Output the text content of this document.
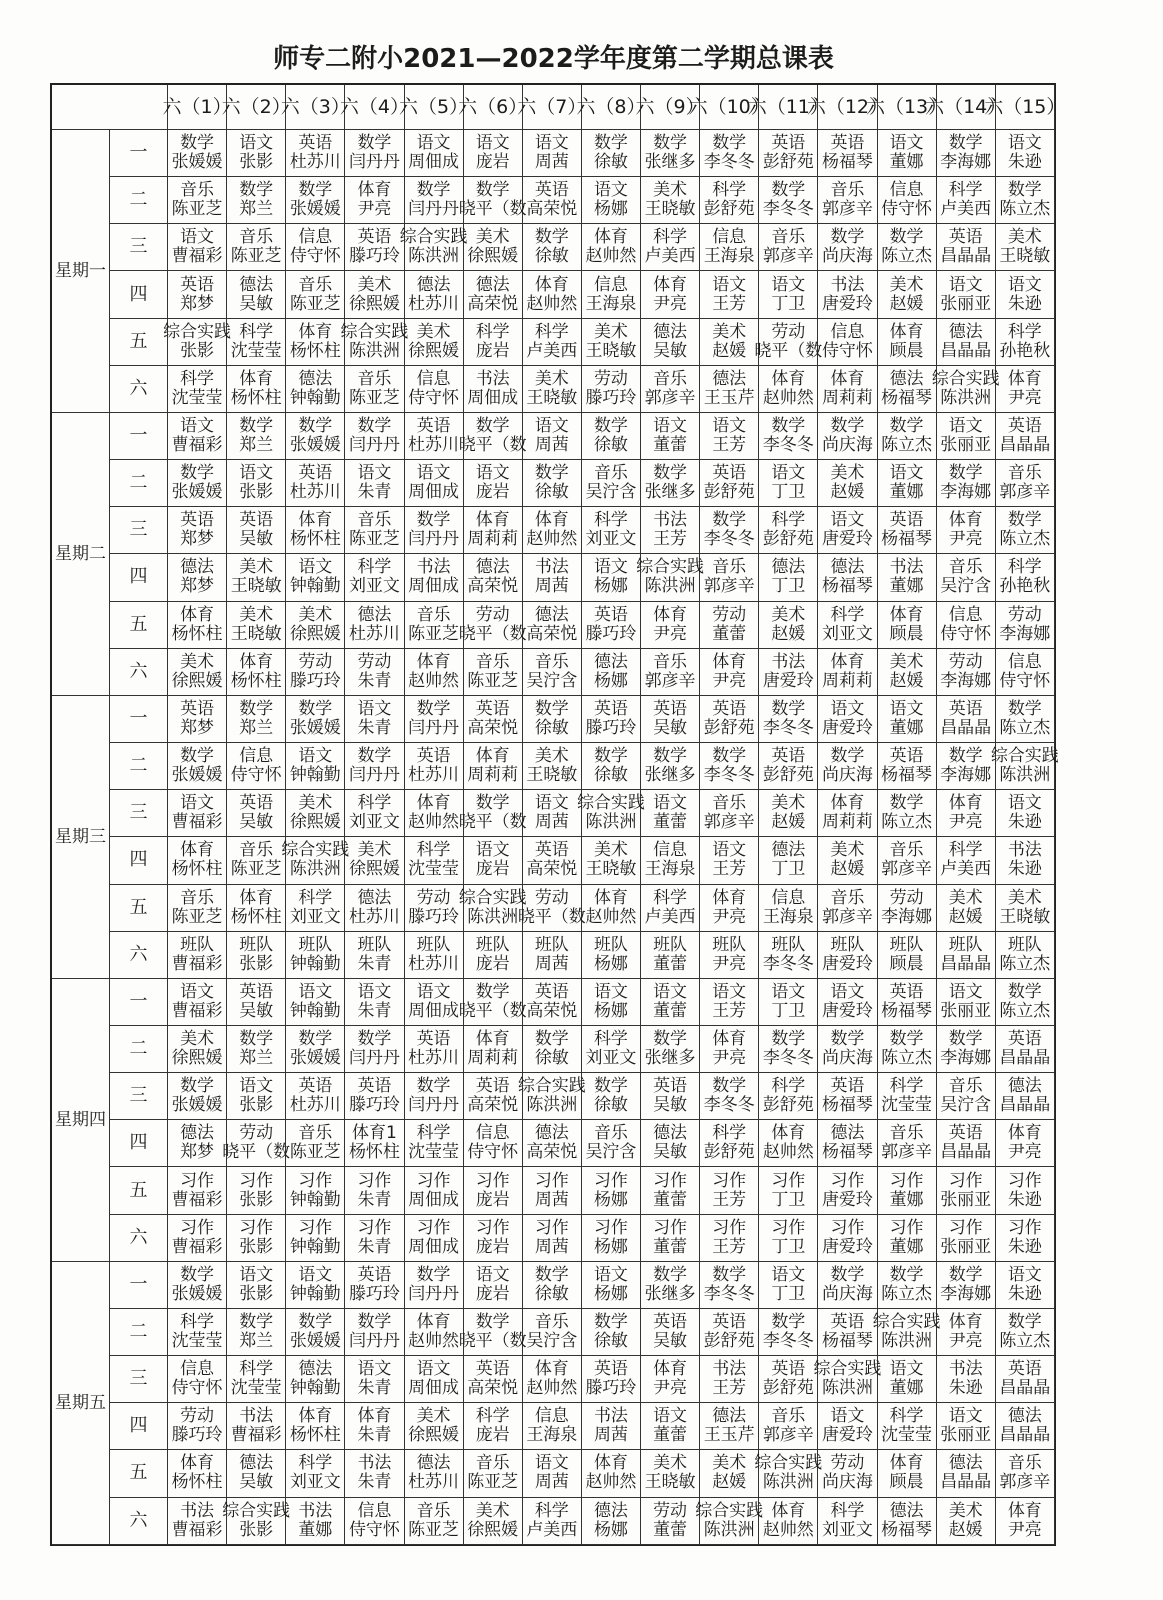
师专二附小2021—2022学年度第二学期总课表
六（1）
六（2）
六（3）
六（4）
六（5）
六（6）
六（7）
六（8）
六（9）
六（10）
六（11）
六（12）
六（13）
六（14）
六（15）
星期一
一 数学
张媛媛
语文
张影
英语
杜苏川
数学
闫丹丹
语文
周佃成
语文
庞岩
语文
周茜
数学
徐敏
数学
张继多
数学
李冬冬
英语
彭舒苑
英语
杨福琴
语文
董娜
数学
李海娜
语文
朱逊
二 音乐
陈亚芝
数学
郑兰
数学
张媛媛
体育
尹亮
数学
闫丹丹
数学
晓平（数
英语
高荣悦
语文
杨娜
美术
王晓敏
科学
彭舒苑
数学
李冬冬
音乐
郭彦辛
信息
侍守怀
科学
卢美西
数学
陈立杰
三 语文
曹福彩
音乐
陈亚芝
信息
侍守怀
英语
滕巧玲
综合实践
陈洪洲
美术
徐熙媛
数学
徐敏
体育
赵帅然
科学
卢美西
信息
王海泉
音乐
郭彦辛
数学
尚庆海
数学
陈立杰
英语
昌晶晶
美术
王晓敏
四 英语
郑梦
德法
吴敏
音乐
陈亚芝
美术
徐熙媛
德法
杜苏川
德法
高荣悦
体育
赵帅然
信息
王海泉
体育
尹亮
语文
王芳
语文
丁卫
书法
唐爱玲
美术
赵媛
语文
张丽亚
语文
朱逊
五 综合实践
张影
科学
沈莹莹
体育
杨怀柱
综合实践
陈洪洲
美术
徐熙媛
科学
庞岩
科学
卢美西
美术
王晓敏
德法
吴敏
美术
赵媛
劳动
晓平（数
信息
侍守怀
体育
顾晨
德法
昌晶晶
科学
孙艳秋
六 科学
沈莹莹
体育
杨怀柱
德法
钟翰勤
音乐
陈亚芝
信息
侍守怀
书法
周佃成
美术
王晓敏
劳动
滕巧玲
音乐
郭彦辛
德法
王玉芹
体育
赵帅然
体育
周莉莉
德法
杨福琴
综合实践
陈洪洲
体育
尹亮
星期二
一 语文
曹福彩
数学
郑兰
数学
张媛媛
数学
闫丹丹
英语
杜苏川
数学
晓平（数
语文
周茜
数学
徐敏
语文
董蕾
语文
王芳
数学
李冬冬
数学
尚庆海
数学
陈立杰
语文
张丽亚
英语
昌晶晶
二 数学
张媛媛
语文
张影
英语
杜苏川
语文
朱青
语文
周佃成
语文
庞岩
数学
徐敏
音乐
吴泞含
数学
张继多
英语
彭舒苑
语文
丁卫
美术
赵媛
语文
董娜
数学
李海娜
音乐
郭彦辛
三 英语
郑梦
英语
吴敏
体育
杨怀柱
音乐
陈亚芝
数学
闫丹丹
体育
周莉莉
体育
赵帅然
科学
刘亚文
书法
王芳
数学
李冬冬
科学
彭舒苑
语文
唐爱玲
英语
杨福琴
体育
尹亮
数学
陈立杰
四 德法
郑梦
美术
王晓敏
语文
钟翰勤
科学
刘亚文
书法
周佃成
德法
高荣悦
书法
周茜
语文
杨娜
综合实践
陈洪洲
音乐
郭彦辛
德法
丁卫
德法
杨福琴
书法
董娜
音乐
吴泞含
科学
孙艳秋
五 体育
杨怀柱
美术
王晓敏
美术
徐熙媛
德法
杜苏川
音乐
陈亚芝
劳动
晓平（数
德法
高荣悦
英语
滕巧玲
体育
尹亮
劳动
董蕾
美术
赵媛
科学
刘亚文
体育
顾晨
信息
侍守怀
劳动
李海娜
六 美术
徐熙媛
体育
杨怀柱
劳动
滕巧玲
劳动
朱青
体育
赵帅然
音乐
陈亚芝
音乐
吴泞含
德法
杨娜
音乐
郭彦辛
体育
尹亮
书法
唐爱玲
体育
周莉莉
美术
赵媛
劳动
李海娜
信息
侍守怀
星期三
一 英语
郑梦
数学
郑兰
数学
张媛媛
语文
朱青
数学
闫丹丹
英语
高荣悦
数学
徐敏
英语
滕巧玲
英语
吴敏
英语
彭舒苑
数学
李冬冬
语文
唐爱玲
语文
董娜
英语
昌晶晶
数学
陈立杰
二 数学
张媛媛
信息
侍守怀
语文
钟翰勤
数学
闫丹丹
英语
杜苏川
体育
周莉莉
美术
王晓敏
数学
徐敏
数学
张继多
数学
李冬冬
英语
彭舒苑
数学
尚庆海
英语
杨福琴
数学
李海娜
综合实践
陈洪洲
三 语文
曹福彩
英语
吴敏
美术
徐熙媛
科学
刘亚文
体育
赵帅然
数学
晓平（数
语文
周茜
综合实践
陈洪洲
语文
董蕾
音乐
郭彦辛
美术
赵媛
体育
周莉莉
数学
陈立杰
体育
尹亮
语文
朱逊
四 体育
杨怀柱
音乐
陈亚芝
综合实践
陈洪洲
美术
徐熙媛
科学
沈莹莹
语文
庞岩
英语
高荣悦
美术
王晓敏
信息
王海泉
语文
王芳
德法
丁卫
美术
赵媛
音乐
郭彦辛
科学
卢美西
书法
朱逊
五 音乐
陈亚芝
体育
杨怀柱
科学
刘亚文
德法
杜苏川
劳动
滕巧玲
综合实践
陈洪洲
劳动
晓平（数
体育
赵帅然
科学
卢美西
体育
尹亮
信息
王海泉
音乐
郭彦辛
劳动
李海娜
美术
赵媛
美术
王晓敏
六 班队
曹福彩
班队
张影
班队
钟翰勤
班队
朱青
班队
杜苏川
班队
庞岩
班队
周茜
班队
杨娜
班队
董蕾
班队
尹亮
班队
李冬冬
班队
唐爱玲
班队
顾晨
班队
昌晶晶
班队
陈立杰
星期四
一 语文
曹福彩
英语
吴敏
语文
钟翰勤
语文
朱青
语文
周佃成
数学
晓平（数
英语
高荣悦
语文
杨娜
语文
董蕾
语文
王芳
语文
丁卫
语文
唐爱玲
英语
杨福琴
语文
张丽亚
数学
陈立杰
二 美术
徐熙媛
数学
郑兰
数学
张媛媛
数学
闫丹丹
英语
杜苏川
体育
周莉莉
数学
徐敏
科学
刘亚文
数学
张继多
体育
尹亮
数学
李冬冬
数学
尚庆海
数学
陈立杰
数学
李海娜
英语
昌晶晶
三 数学
张媛媛
语文
张影
英语
杜苏川
英语
滕巧玲
数学
闫丹丹
英语
高荣悦
综合实践
陈洪洲
数学
徐敏
英语
吴敏
数学
李冬冬
科学
彭舒苑
英语
杨福琴
科学
沈莹莹
音乐
吴泞含
德法
昌晶晶
四 德法
郑梦
劳动
晓平（数
音乐
陈亚芝
体育1
杨怀柱
科学
沈莹莹
信息
侍守怀
德法
高荣悦
音乐
吴泞含
德法
吴敏
科学
彭舒苑
体育
赵帅然
德法
杨福琴
音乐
郭彦辛
英语
昌晶晶
体育
尹亮
五 习作
曹福彩
习作
张影
习作
钟翰勤
习作
朱青
习作
周佃成
习作
庞岩
习作
周茜
习作
杨娜
习作
董蕾
习作
王芳
习作
丁卫
习作
唐爱玲
习作
董娜
习作
张丽亚
习作
朱逊
六 习作
曹福彩
习作
张影
习作
钟翰勤
习作
朱青
习作
周佃成
习作
庞岩
习作
周茜
习作
杨娜
习作
董蕾
习作
王芳
习作
丁卫
习作
唐爱玲
习作
董娜
习作
张丽亚
习作
朱逊
星期五
一 数学
张媛媛
语文
张影
语文
钟翰勤
英语
滕巧玲
数学
闫丹丹
语文
庞岩
数学
徐敏
语文
杨娜
数学
张继多
数学
李冬冬
语文
丁卫
数学
尚庆海
数学
陈立杰
数学
李海娜
语文
朱逊
二 科学
沈莹莹
数学
郑兰
数学
张媛媛
数学
闫丹丹
体育
赵帅然
数学
晓平（数
音乐
吴泞含
数学
徐敏
英语
吴敏
英语
彭舒苑
数学
李冬冬
英语
杨福琴
综合实践
陈洪洲
体育
尹亮
数学
陈立杰
三 信息
侍守怀
科学
沈莹莹
德法
钟翰勤
语文
朱青
语文
周佃成
英语
高荣悦
体育
赵帅然
英语
滕巧玲
体育
尹亮
书法
王芳
英语
彭舒苑
综合实践
陈洪洲
语文
董娜
书法
朱逊
英语
昌晶晶
四 劳动
滕巧玲
书法
曹福彩
体育
杨怀柱
体育
朱青
美术
徐熙媛
科学
庞岩
信息
王海泉
书法
周茜
语文
董蕾
德法
王玉芹
音乐
郭彦辛
语文
唐爱玲
科学
沈莹莹
语文
张丽亚
德法
昌晶晶
五 体育
杨怀柱
德法
吴敏
科学
刘亚文
书法
朱青
德法
杜苏川
音乐
陈亚芝
语文
周茜
体育
赵帅然
美术
王晓敏
美术
赵媛
综合实践
陈洪洲
劳动
尚庆海
体育
顾晨
德法
昌晶晶
音乐
郭彦辛
六 书法
曹福彩
综合实践
张影
书法
董娜
信息
侍守怀
音乐
陈亚芝
美术
徐熙媛
科学
卢美西
德法
杨娜
劳动
董蕾
综合实践
陈洪洲
体育
赵帅然
科学
刘亚文
德法
杨福琴
美术
赵媛
体育
尹亮
